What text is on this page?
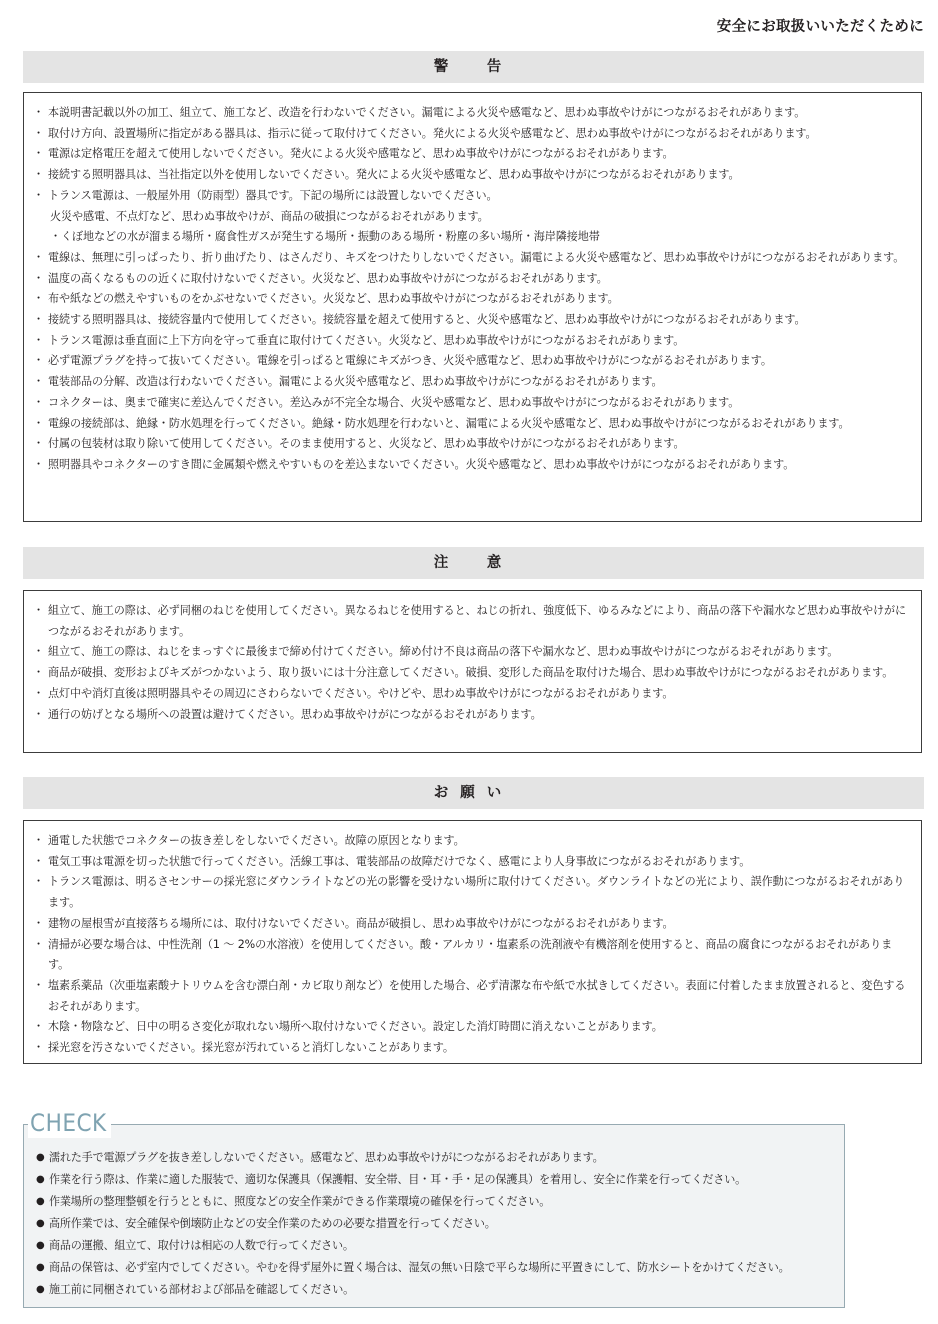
安全にお取扱いいただくために
警　告
・ 本説明書記載以外の加工、組立て、施工など、改造を行わないでください。漏電による火災や感電など、思わぬ事故やけがにつながるおそれがあります。
・ 取付け方向、設置場所に指定がある器具は、指示に従って取付けてください。発火による火災や感電など、思わぬ事故やけがにつながるおそれがあります。
・ 電源は定格電圧を超えて使用しないでください。発火による火災や感電など、思わぬ事故やけがにつながるおそれがあります。
・ 接続する照明器具は、当社指定以外を使用しないでください。発火による火災や感電など、思わぬ事故やけがにつながるおそれがあります。
・ トランス電源は、一般屋外用（防雨型）器具です。下記の場所には設置しないでください。
火災や感電、不点灯など、思わぬ事故やけが、商品の破損につながるおそれがあります。
・くぼ地などの水が溜まる場所・腐食性ガスが発生する場所・振動のある場所・粉塵の多い場所・海岸隣接地帯
・ 電線は、無理に引っぱったり、折り曲げたり、はさんだり、キズをつけたりしないでください。漏電による火災や感電など、思わぬ事故やけがにつながるおそれがあります。
・ 温度の高くなるものの近くに取付けないでください。火災など、思わぬ事故やけがにつながるおそれがあります。
・ 布や紙などの燃えやすいものをかぶせないでください。火災など、思わぬ事故やけがにつながるおそれがあります。
・ 接続する照明器具は、接続容量内で使用してください。接続容量を超えて使用すると、火災や感電など、思わぬ事故やけがにつながるおそれがあります。
・ トランス電源は垂直面に上下方向を守って垂直に取付けてください。火災など、思わぬ事故やけがにつながるおそれがあります。
・ 必ず電源プラグを持って抜いてください。電線を引っぱると電線にキズがつき、火災や感電など、思わぬ事故やけがにつながるおそれがあります。
・ 電装部品の分解、改造は行わないでください。漏電による火災や感電など、思わぬ事故やけがにつながるおそれがあります。
・ コネクターは、奥まで確実に差込んでください。差込みが不完全な場合、火災や感電など、思わぬ事故やけがにつながるおそれがあります。
・ 電線の接続部は、絶縁・防水処理を行ってください。絶縁・防水処理を行わないと、漏電による火災や感電など、思わぬ事故やけがにつながるおそれがあります。
・ 付属の包装材は取り除いて使用してください。そのまま使用すると、火災など、思わぬ事故やけがにつながるおそれがあります。
・ 照明器具やコネクターのすき間に金属類や燃えやすいものを差込まないでください。火災や感電など、思わぬ事故やけがにつながるおそれがあります。
注　意
・ 組立て、施工の際は、必ず同梱のねじを使用してください。異なるねじを使用すると、ねじの折れ、強度低下、ゆるみなどにより、商品の落下や漏水など思わぬ事故やけがにつながるおそれがあります。
・ 組立て、施工の際は、ねじをまっすぐに最後まで締め付けてください。締め付け不良は商品の落下や漏水など、思わぬ事故やけがにつながるおそれがあります。
・ 商品が破損、変形およびキズがつかないよう、取り扱いには十分注意してください。破損、変形した商品を取付けた場合、思わぬ事故やけがにつながるおそれがあります。
・ 点灯中や消灯直後は照明器具やその周辺にさわらないでください。やけどや、思わぬ事故やけがにつながるおそれがあります。
・ 通行の妨げとなる場所への設置は避けてください。思わぬ事故やけがにつながるおそれがあります。
お願い
・ 通電した状態でコネクターの抜き差しをしないでください。故障の原因となります。
・ 電気工事は電源を切った状態で行ってください。活線工事は、電装部品の故障だけでなく、感電により人身事故につながるおそれがあります。
・ トランス電源は、明るさセンサーの採光窓にダウンライトなどの光の影響を受けない場所に取付けてください。ダウンライトなどの光により、誤作動につながるおそれがあります。
・ 建物の屋根雪が直接落ちる場所には、取付けないでください。商品が破損し、思わぬ事故やけがにつながるおそれがあります。
・ 清掃が必要な場合は、中性洗剤（1 ～ 2%の水溶液）を使用してください。酸・アルカリ・塩素系の洗剤液や有機溶剤を使用すると、商品の腐食につながるおそれがあります。
・ 塩素系薬品（次亜塩素酸ナトリウムを含む漂白剤・カビ取り剤など）を使用した場合、必ず清潔な布や紙で水拭きしてください。表面に付着したまま放置されると、変色するおそれがあります。
・ 木陰・物陰など、日中の明るさ変化が取れない場所へ取付けないでください。設定した消灯時間に消えないことがあります。
・ 採光窓を汚さないでください。採光窓が汚れていると消灯しないことがあります。
● 濡れた手で電源プラグを抜き差ししないでください。感電など、思わぬ事故やけがにつながるおそれがあります。
● 作業を行う際は、作業に適した服装で、適切な保護具（保護帽、安全帯、目・耳・手・足の保護具）を着用し、安全に作業を行ってください。
● 作業場所の整理整頓を行うとともに、照度などの安全作業ができる作業環境の確保を行ってください。
● 高所作業では、安全確保や倒壊防止などの安全作業のための必要な措置を行ってください。
● 商品の運搬、組立て、取付けは相応の人数で行ってください。
● 商品の保管は、必ず室内でしてください。やむを得ず屋外に置く場合は、湿気の無い日陰で平らな場所に平置きにして、防水シートをかけてください。
● 施工前に同梱されている部材および部品を確認してください。
CHECK
